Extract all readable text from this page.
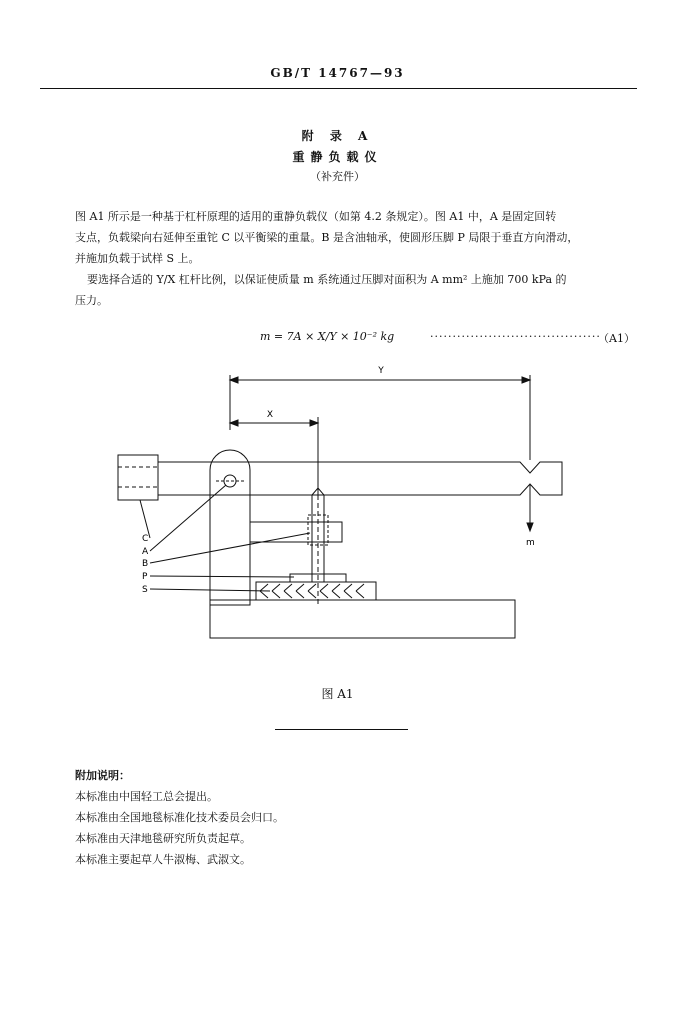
GB/T 14767—93
附 录 A
重静负载仪
（补充件）
图 A1 所示是一种基于杠杆原理的适用的重静负载仪（如第 4.2 条规定）。图 A1 中，A 是固定回转
支点，负载梁向右延伸至重铊 C 以平衡梁的重量。B 是含油轴承，使圆形压脚 P 局限于垂直方向滑动，
并施加负载于试样 S 上。
要选择合适的 Y/X 杠杆比例，以保证使质量 m 系统通过压脚对面积为 A mm² 上施加 700 kPa 的
压力。
m = 7A × X/Y × 10⁻² kg	······································
（A1）
Y
X
m
C
A
B
P
S
图 A1
附加说明：
本标准由中国轻工总会提出。
本标准由全国地毯标准化技术委员会归口。
本标准由天津地毯研究所负责起草。
本标准主要起草人牛淑梅、武淑文。
